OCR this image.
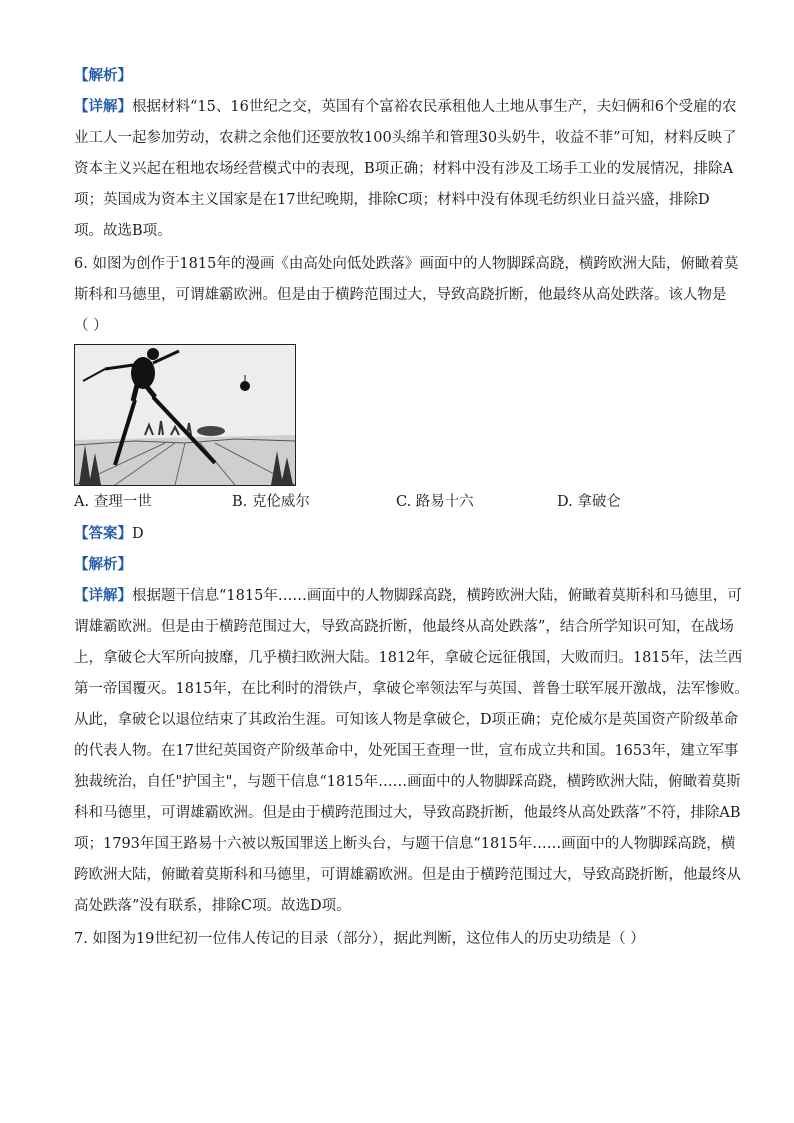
【解析】
【详解】根据材料“15、16世纪之交，英国有个富裕农民承租他人土地从事生产，夫妇俩和6个受雇的农
业工人一起参加劳动，农耕之余他们还要放牧100头绵羊和管理30头奶牛，收益不菲”可知，材料反映了
资本主义兴起在租地农场经营模式中的表现，B项正确；材料中没有涉及工场手工业的发展情况，排除A
项；英国成为资本主义国家是在17世纪晚期，排除C项；材料中没有体现毛纺织业日益兴盛，排除D
项。故选B项。
6. 如图为创作于1815年的漫画《由高处向低处跌落》画面中的人物脚踩高跷，横跨欧洲大陆，俯瞰着莫
斯科和马德里，可谓雄霸欧洲。但是由于横跨范围过大，导致高跷折断，他最终从高处跌落。该人物是
（ ）
A. 查理一世	B. 克伦威尔	C. 路易十六	D. 拿破仑
【答案】D
【解析】
【详解】根据题干信息“1815年……画面中的人物脚踩高跷，横跨欧洲大陆，俯瞰着莫斯科和马德里，可
谓雄霸欧洲。但是由于横跨范围过大，导致高跷折断，他最终从高处跌落”，结合所学知识可知，在战场
上，拿破仑大军所向披靡，几乎横扫欧洲大陆。1812年，拿破仑远征俄国，大败而归。1815年，法兰西
第一帝国覆灭。1815年，在比利时的滑铁卢，拿破仑率领法军与英国、普鲁士联军展开激战，法军惨败。
从此，拿破仑以退位结束了其政治生涯。可知该人物是拿破仑，D项正确；克伦威尔是英国资产阶级革命
的代表人物。在17世纪英国资产阶级革命中，处死国王查理一世，宣布成立共和国。1653年，建立军事
独裁统治，自任"护国主"，与题干信息“1815年……画面中的人物脚踩高跷，横跨欧洲大陆，俯瞰着莫斯
科和马德里，可谓雄霸欧洲。但是由于横跨范围过大，导致高跷折断，他最终从高处跌落”不符，排除AB
项；1793年国王路易十六被以叛国罪送上断头台，与题干信息“1815年……画面中的人物脚踩高跷，横
跨欧洲大陆，俯瞰着莫斯科和马德里，可谓雄霸欧洲。但是由于横跨范围过大，导致高跷折断，他最终从
高处跌落”没有联系，排除C项。故选D项。
7. 如图为19世纪初一位伟人传记的目录（部分），据此判断，这位伟人的历史功绩是（ ）
